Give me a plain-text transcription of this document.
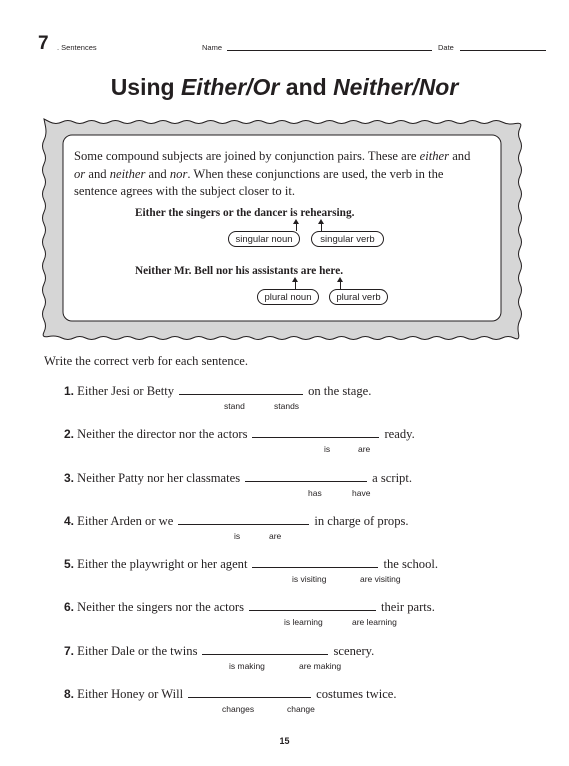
7 . Sentences	Name	Date
Using Either/Or and Neither/Nor
Some compound subjects are joined by conjunction pairs. These are either and or and neither and nor. When these conjunctions are used, the verb in the sentence agrees with the subject closer to it.
Either the singers or the dancer is rehearsing.
singular noun	singular verb
Neither Mr. Bell nor his assistants are here.
plural noun	plural verb
Write the correct verb for each sentence.
1. Either Jesi or Betty	on the stage.
stand	stands
2. Neither the director nor the actors	ready.
is	are
3. Neither Patty nor her classmates	a script.
has	have
4. Either Arden or we	in charge of props.
is	are
5. Either the playwright or her agent	the school.
is visiting	are visiting
6. Neither the singers nor the actors	their parts.
is learning	are learning
7. Either Dale or the twins	scenery.
is making	are making
8. Either Honey or Will	costumes twice.
changes	change
15
